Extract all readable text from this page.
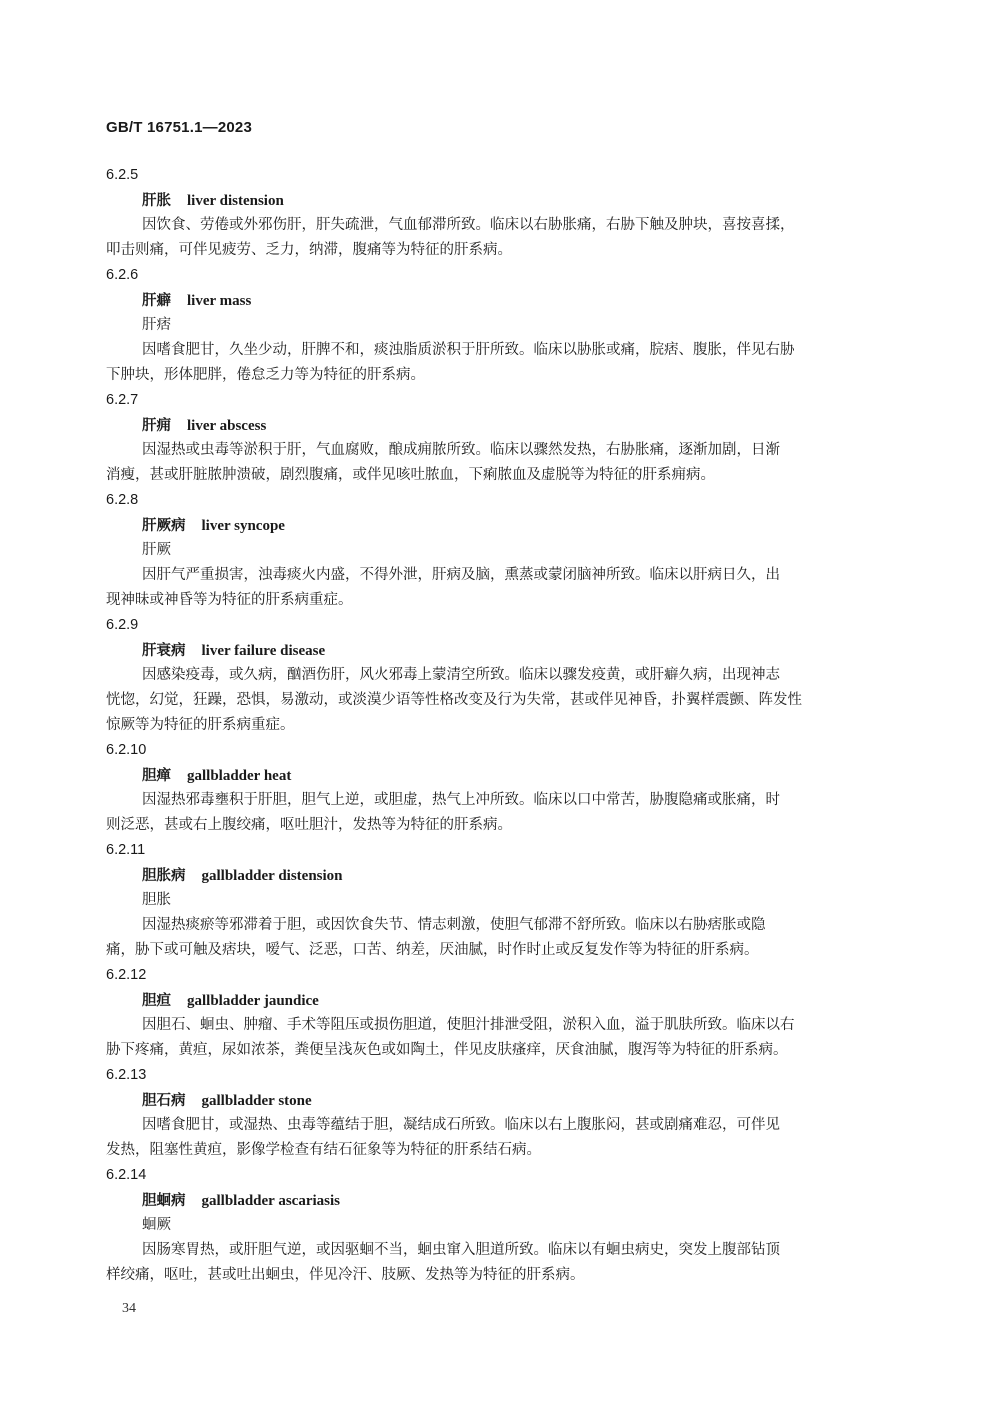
GB/T 16751.1—2023
6.2.5
肝胀 liver distension
因饮食、劳倦或外邪伤肝，肝失疏泄，气血郁滞所致。临床以右胁胀痛，右胁下触及肿块，喜按喜揉，
叩击则痛，可伴见疲劳、乏力，纳滞，腹痛等为特征的肝系病。
6.2.6
肝癖 liver mass
肝痞
因嗜食肥甘，久坐少动，肝脾不和，痰浊脂质淤积于肝所致。临床以胁胀或痛，脘痞、腹胀，伴见右胁
下肿块，形体肥胖，倦怠乏力等为特征的肝系病。
6.2.7
肝痈 liver abscess
因湿热或虫毒等淤积于肝，气血腐败，酿成痈脓所致。临床以骤然发热，右胁胀痛，逐渐加剧，日渐
消瘦，甚或肝脏脓肿溃破，剧烈腹痛，或伴见咳吐脓血，下痢脓血及虚脱等为特征的肝系痈病。
6.2.8
肝厥病 liver syncope
肝厥
因肝气严重损害，浊毒痰火内盛，不得外泄，肝病及脑，熏蒸或蒙闭脑神所致。临床以肝病日久，出
现神昧或神昏等为特征的肝系病重症。
6.2.9
肝衰病 liver failure disease
因感染疫毒，或久病，酗酒伤肝，风火邪毒上蒙清空所致。临床以骤发疫黄，或肝癖久病，出现神志
恍惚，幻觉，狂躁，恐惧，易激动，或淡漠少语等性格改变及行为失常，甚或伴见神昏，扑翼样震颤、阵发性
惊厥等为特征的肝系病重症。
6.2.10
胆瘅 gallbladder heat
因湿热邪毒壅积于肝胆，胆气上逆，或胆虚，热气上冲所致。临床以口中常苦，胁腹隐痛或胀痛，时
则泛恶，甚或右上腹绞痛，呕吐胆汁，发热等为特征的肝系病。
6.2.11
胆胀病 gallbladder distension
胆胀
因湿热痰瘀等邪滞着于胆，或因饮食失节、情志刺激，使胆气郁滞不舒所致。临床以右胁痞胀或隐
痛，胁下或可触及痞块，嗳气、泛恶，口苦、纳差，厌油腻，时作时止或反复发作等为特征的肝系病。
6.2.12
胆疸 gallbladder jaundice
因胆石、蛔虫、肿瘤、手术等阻压或损伤胆道，使胆汁排泄受阻，淤积入血，溢于肌肤所致。临床以右
胁下疼痛，黄疸，尿如浓茶，粪便呈浅灰色或如陶土，伴见皮肤瘙痒，厌食油腻，腹泻等为特征的肝系病。
6.2.13
胆石病 gallbladder stone
因嗜食肥甘，或湿热、虫毒等蕴结于胆，凝结成石所致。临床以右上腹胀闷，甚或剧痛难忍，可伴见
发热，阻塞性黄疸，影像学检查有结石征象等为特征的肝系结石病。
6.2.14
胆蛔病 gallbladder ascariasis
蛔厥
因肠寒胃热，或肝胆气逆，或因驱蛔不当，蛔虫窜入胆道所致。临床以有蛔虫病史，突发上腹部钻顶
样绞痛，呕吐，甚或吐出蛔虫，伴见冷汗、肢厥、发热等为特征的肝系病。
34
